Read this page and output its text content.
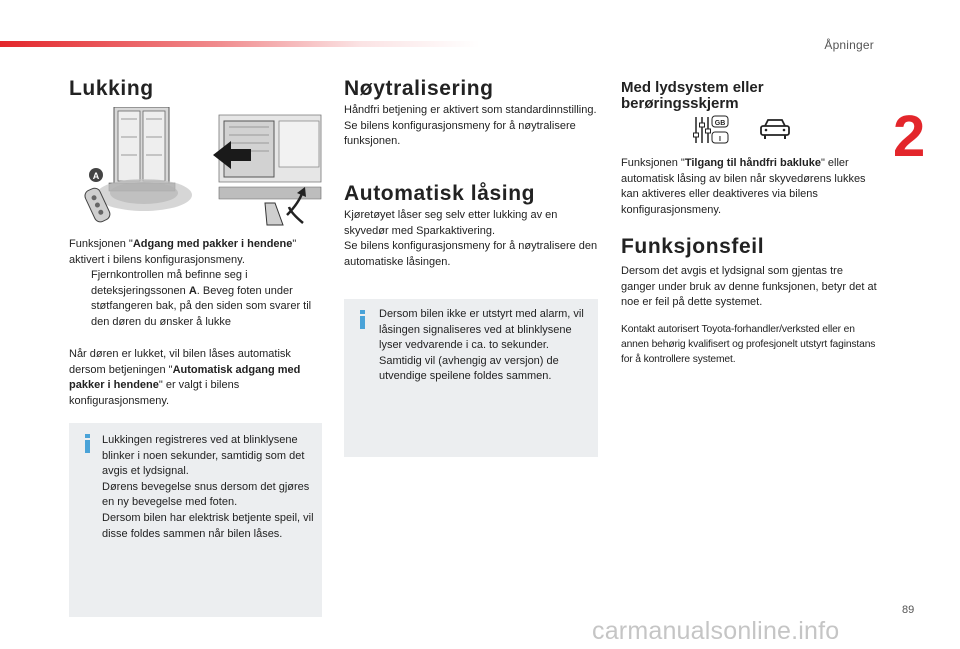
Åpninger
2
Lukking
A

Funksjonen "Adgang med pakker i hendene" aktivert i bilens konfigurasjonsmeny.

Fjernkontrollen må befinne seg i deteksjeringssonen A. Beveg foten under støtfangeren bak, på den siden som svarer til den døren du ønsker å lukke

Når døren er lukket, vil bilen låses automatisk dersom betjeningen "Automatisk adgang med pakker i hendene" er valgt i bilens konfigurasjonsmeny.

Lukkingen registreres ved at blinklysene blinker i noen sekunder, samtidig som det avgis et lydsignal.
Dørens bevegelse snus dersom det gjøres en ny bevegelse med foten.
Dersom bilen har elektrisk betjente speil, vil disse foldes sammen når bilen låses.
Nøytralisering

Håndfri betjening er aktivert som standardinnstilling.
Se bilens konfigurasjonsmeny for å nøytralisere funksjonen.

Automatisk låsing

Kjøretøyet låser seg selv etter lukking av en skyvedør med Sparkaktivering.
Se bilens konfigurasjonsmeny for å nøytralisere den automatiske låsingen.

Dersom bilen ikke er utstyrt med alarm, vil låsingen signaliseres ved at blinklysene lyser vedvarende i ca. to sekunder.
Samtidig vil (avhengig av versjon) de utvendige speilene foldes sammen.
Med lydsystem eller berøringsskjerm
GB
I

Funksjonen "Tilgang til håndfri bakluke" eller automatisk låsing av bilen når skyvedørens lukkes kan aktiveres eller deaktiveres via bilens konfigurasjonsmeny.

Funksjonsfeil

Dersom det avgis et lydsignal som gjentas tre ganger under bruk av denne funksjonen, betyr det at noe er feil på dette systemet.

Kontakt autorisert Toyota-forhandler/verksted eller en annen behørig kvalifisert og profesjonelt utstyrt faginstans for å kontrollere systemet.

89
carmanualsonline.info
